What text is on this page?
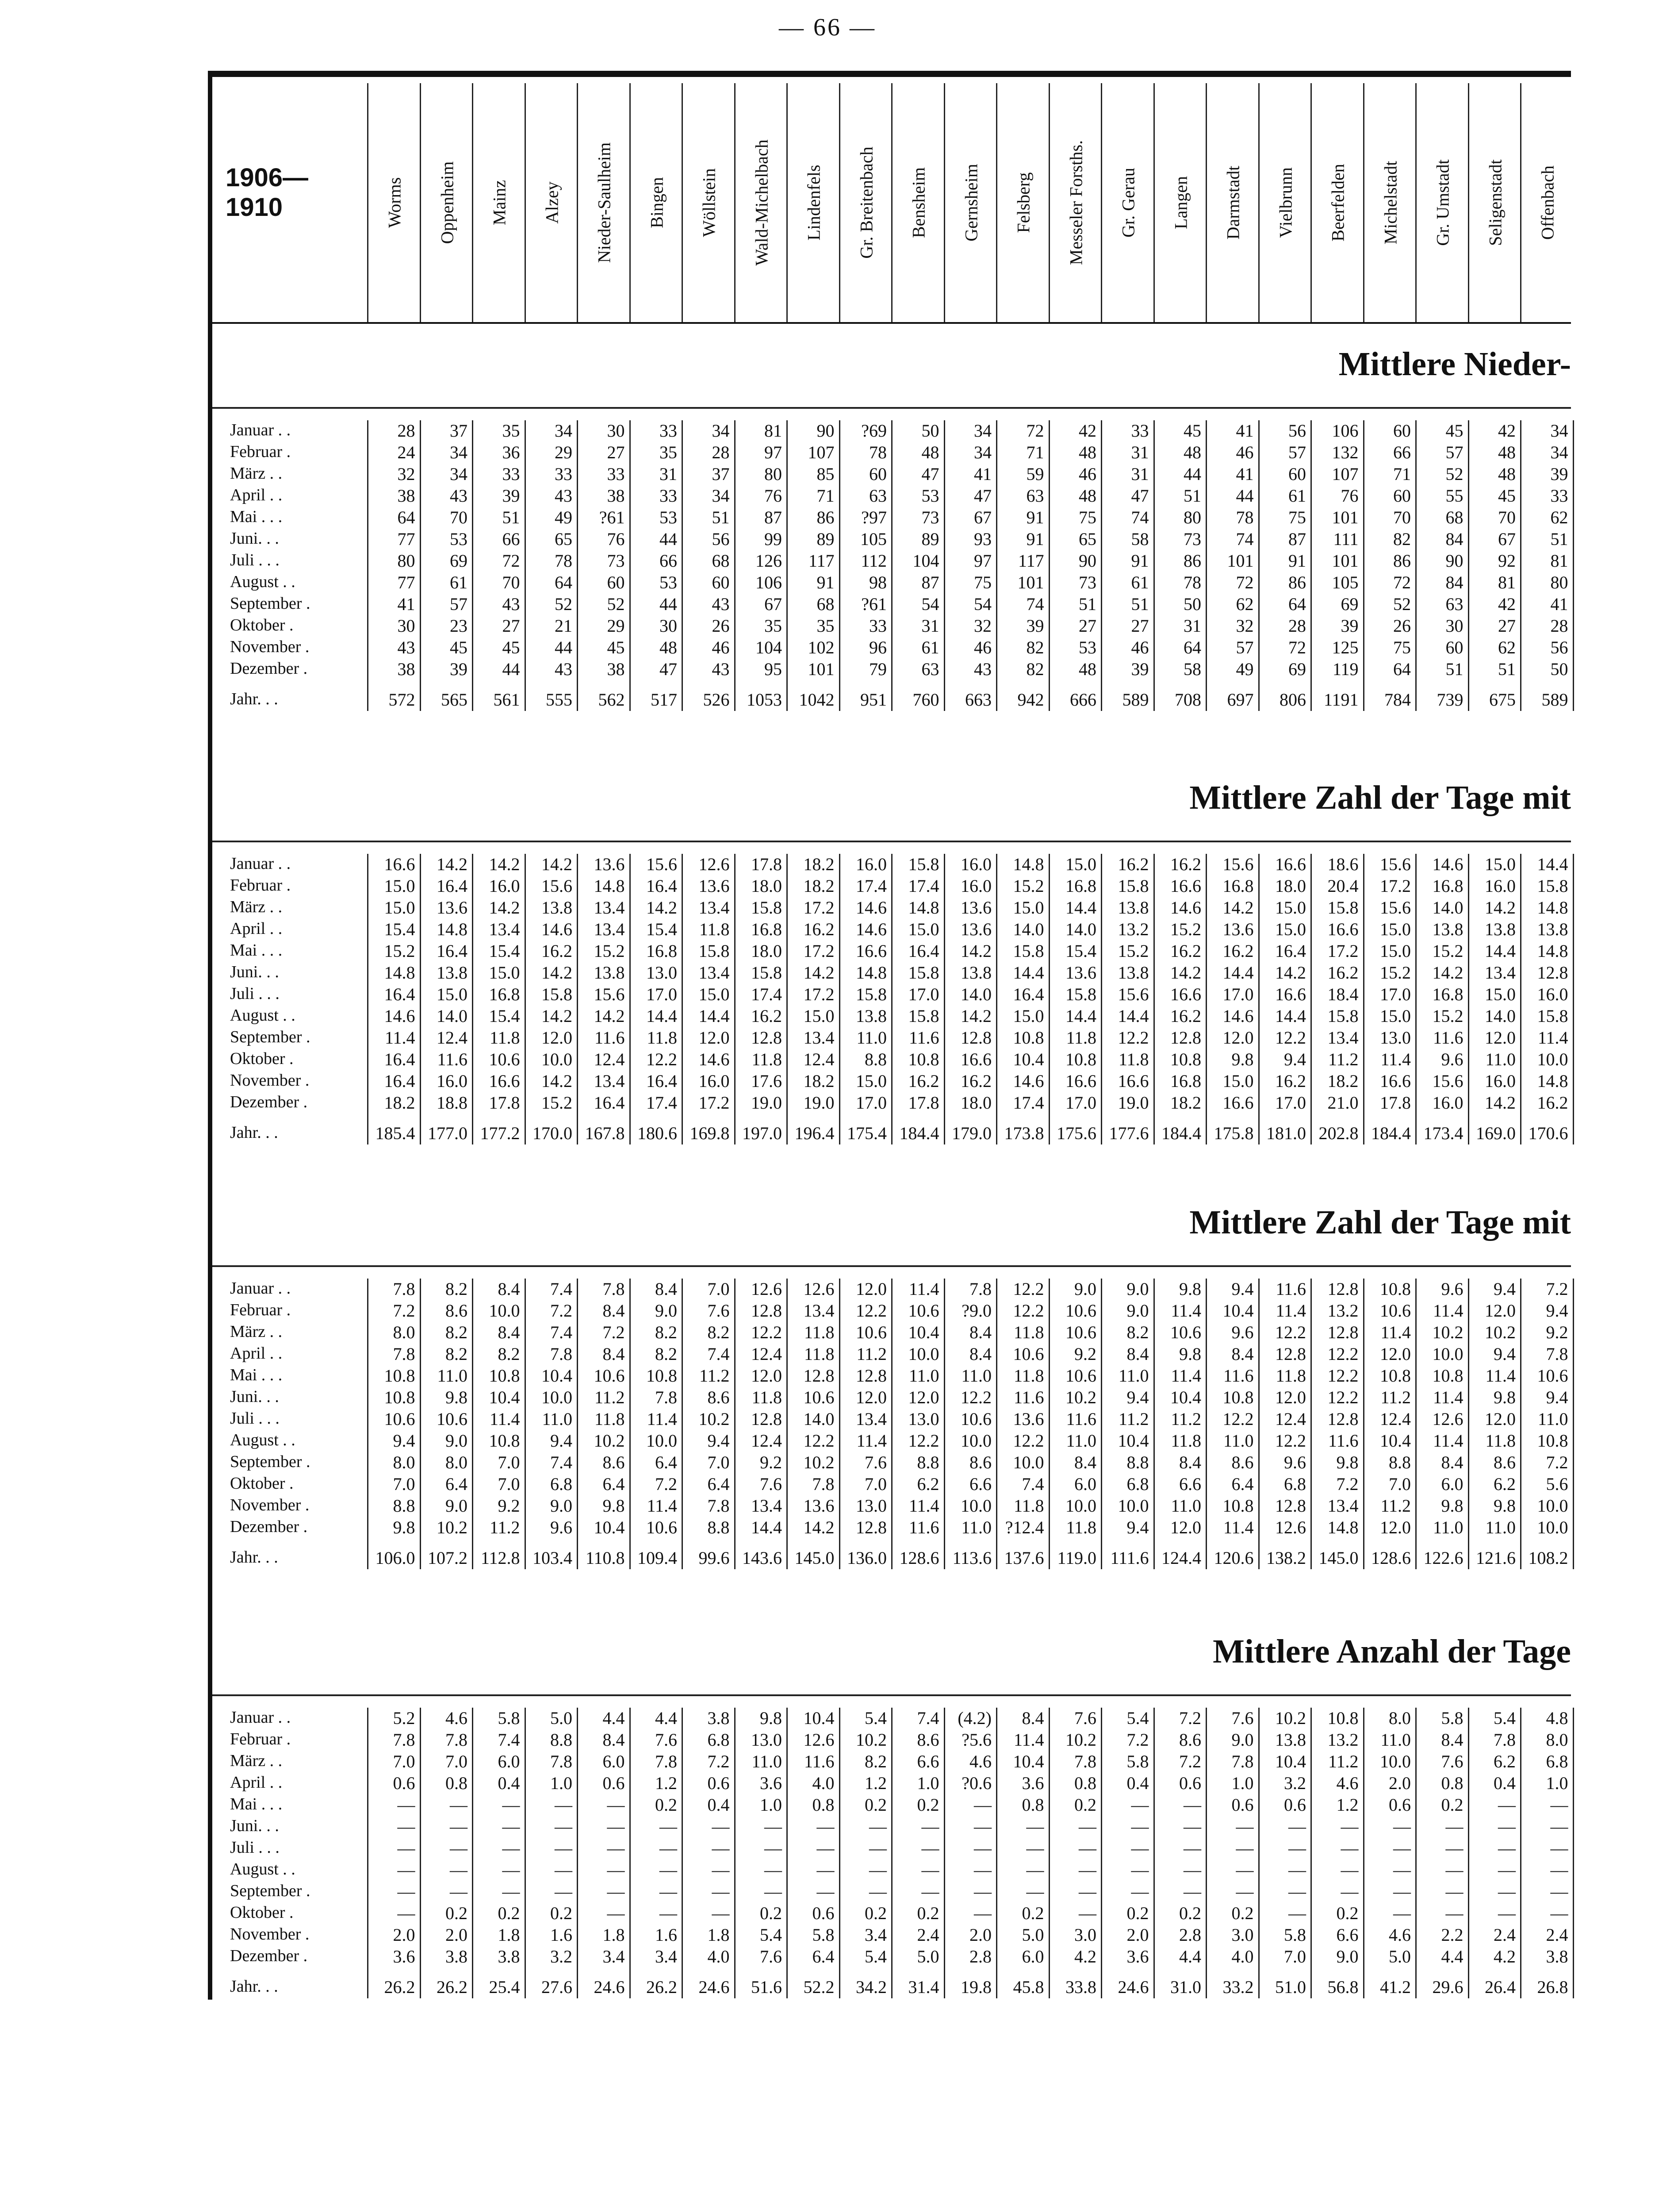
— 66 —
1906—1910	Worms Oppenheim Mainz Alzey Nieder-Saulheim Bingen Wöllstein Wald-Michelbach Lindenfels Gr. Breitenbach Bensheim Gernsheim Felsberg Messeler Forsths. Gr. Gerau Langen Darmstadt Vielbrunn Beerfelden Michelstadt Gr. Umstadt Seligenstadt Offenbach
Mittlere Nieder-
Januar . .	28	37	35	34	30	33	34	81	90	?69	50	34	72	42	33	45	41	56	106	60	45	42	34
Februar .	24	34	36	29	27	35	28	97	107	78	48	34	71	48	31	48	46	57	132	66	57	48	34
März . .	32	34	33	33	33	31	37	80	85	60	47	41	59	46	31	44	41	60	107	71	52	48	39
April . .	38	43	39	43	38	33	34	76	71	63	53	47	63	48	47	51	44	61	76	60	55	45	33
Mai . . .	64	70	51	49	?61	53	51	87	86	?97	73	67	91	75	74	80	78	75	101	70	68	70	62
Juni. . .	77	53	66	65	76	44	56	99	89	105	89	93	91	65	58	73	74	87	111	82	84	67	51
Juli . . .	80	69	72	78	73	66	68	126	117	112	104	97	117	90	91	86	101	91	101	86	90	92	81
August . .	77	61	70	64	60	53	60	106	91	98	87	75	101	73	61	78	72	86	105	72	84	81	80
September .	41	57	43	52	52	44	43	67	68	?61	54	54	74	51	51	50	62	64	69	52	63	42	41
Oktober .	30	23	27	21	29	30	26	35	35	33	31	32	39	27	27	31	32	28	39	26	30	27	28
November .	43	45	45	44	45	48	46	104	102	96	61	46	82	53	46	64	57	72	125	75	60	62	56
Dezember .	38	39	44	43	38	47	43	95	101	79	63	43	82	48	39	58	49	69	119	64	51	51	50
Jahr. . .	572	565	561	555	562	517	526 1053 1042	951	760	663	942	666	589	708	697	806 1191	784	739	675	589
Mittlere Zahl der Tage mit
Januar . .	16.6	14.2	14.2	14.2	13.6	15.6	12.6	17.8	18.2	16.0	15.8	16.0	14.8	15.0	16.2	16.2	15.6	16.6	18.6	15.6	14.6	15.0	14.4
Februar .	15.0	16.4	16.0	15.6	14.8	16.4	13.6	18.0	18.2	17.4	17.4	16.0	15.2	16.8	15.8	16.6	16.8	18.0	20.4	17.2	16.8	16.0	15.8
März . .	15.0	13.6	14.2	13.8	13.4	14.2	13.4	15.8	17.2	14.6	14.8	13.6	15.0	14.4	13.8	14.6	14.2	15.0	15.8	15.6	14.0	14.2	14.8
April . .	15.4	14.8	13.4	14.6	13.4	15.4	11.8	16.8	16.2	14.6	15.0	13.6	14.0	14.0	13.2	15.2	13.6	15.0	16.6	15.0	13.8	13.8	13.8
Mai . . .	15.2	16.4	15.4	16.2	15.2	16.8	15.8	18.0	17.2	16.6	16.4	14.2	15.8	15.4	15.2	16.2	16.2	16.4	17.2	15.0	15.2	14.4	14.8
Juni. . .	14.8	13.8	15.0	14.2	13.8	13.0	13.4	15.8	14.2	14.8	15.8	13.8	14.4	13.6	13.8	14.2	14.4	14.2	16.2	15.2	14.2	13.4	12.8
Juli . . .	16.4	15.0	16.8	15.8	15.6	17.0	15.0	17.4	17.2	15.8	17.0	14.0	16.4	15.8	15.6	16.6	17.0	16.6	18.4	17.0	16.8	15.0	16.0
August . .	14.6	14.0	15.4	14.2	14.2	14.4	14.4	16.2	15.0	13.8	15.8	14.2	15.0	14.4	14.4	16.2	14.6	14.4	15.8	15.0	15.2	14.0	15.8
September .	11.4	12.4	11.8	12.0	11.6	11.8	12.0	12.8	13.4	11.0	11.6	12.8	10.8	11.8	12.2	12.8	12.0	12.2	13.4	13.0	11.6	12.0	11.4
Oktober .	16.4	11.6	10.6	10.0	12.4	12.2	14.6	11.8	12.4	8.8	10.8	16.6	10.4	10.8	11.8	10.8	9.8	9.4	11.2	11.4	9.6	11.0	10.0
November .	16.4	16.0	16.6	14.2	13.4	16.4	16.0	17.6	18.2	15.0	16.2	16.2	14.6	16.6	16.6	16.8	15.0	16.2	18.2	16.6	15.6	16.0	14.8
Dezember .	18.2	18.8	17.8	15.2	16.4	17.4	17.2	19.0	19.0	17.0	17.8	18.0	17.4	17.0	19.0	18.2	16.6	17.0	21.0	17.8	16.0	14.2	16.2
Jahr. . .	185.4 177.0 177.2 170.0 167.8 180.6 169.8 197.0 196.4 175.4 184.4 179.0 173.8 175.6 177.6 184.4 175.8 181.0 202.8 184.4 173.4 169.0 170.6
Mittlere Zahl der Tage mit
Januar . .	7.8	8.2	8.4	7.4	7.8	8.4	7.0	12.6	12.6	12.0	11.4	7.8	12.2	9.0	9.0	9.8	9.4	11.6	12.8	10.8	9.6	9.4	7.2
Februar .	7.2	8.6	10.0	7.2	8.4	9.0	7.6	12.8	13.4	12.2	10.6	?9.0	12.2	10.6	9.0	11.4	10.4	11.4	13.2	10.6	11.4	12.0	9.4
März . .	8.0	8.2	8.4	7.4	7.2	8.2	8.2	12.2	11.8	10.6	10.4	8.4	11.8	10.6	8.2	10.6	9.6	12.2	12.8	11.4	10.2	10.2	9.2
April . .	7.8	8.2	8.2	7.8	8.4	8.2	7.4	12.4	11.8	11.2	10.0	8.4	10.6	9.2	8.4	9.8	8.4	12.8	12.2	12.0	10.0	9.4	7.8
Mai . . .	10.8	11.0	10.8	10.4	10.6	10.8	11.2	12.0	12.8	12.8	11.0	11.0	11.8	10.6	11.0	11.4	11.6	11.8	12.2	10.8	10.8	11.4	10.6
Juni. . .	10.8	9.8	10.4	10.0	11.2	7.8	8.6	11.8	10.6	12.0	12.0	12.2	11.6	10.2	9.4	10.4	10.8	12.0	12.2	11.2	11.4	9.8	9.4
Juli . . .	10.6	10.6	11.4	11.0	11.8	11.4	10.2	12.8	14.0	13.4	13.0	10.6	13.6	11.6	11.2	11.2	12.2	12.4	12.8	12.4	12.6	12.0	11.0
August . .	9.4	9.0	10.8	9.4	10.2	10.0	9.4	12.4	12.2	11.4	12.2	10.0	12.2	11.0	10.4	11.8	11.0	12.2	11.6	10.4	11.4	11.8	10.8
September .	8.0	8.0	7.0	7.4	8.6	6.4	7.0	9.2	10.2	7.6	8.8	8.6	10.0	8.4	8.8	8.4	8.6	9.6	9.8	8.8	8.4	8.6	7.2
Oktober .	7.0	6.4	7.0	6.8	6.4	7.2	6.4	7.6	7.8	7.0	6.2	6.6	7.4	6.0	6.8	6.6	6.4	6.8	7.2	7.0	6.0	6.2	5.6
November .	8.8	9.0	9.2	9.0	9.8	11.4	7.8	13.4	13.6	13.0	11.4	10.0	11.8	10.0	10.0	11.0	10.8	12.8	13.4	11.2	9.8	9.8	10.0
Dezember .	9.8	10.2	11.2	9.6	10.4	10.6	8.8	14.4	14.2	12.8	11.6	11.0 ?12.4	11.8	9.4	12.0	11.4	12.6	14.8	12.0	11.0	11.0	10.0
Jahr. . .	106.0 107.2 112.8 103.4 110.8 109.4	99.6 143.6 145.0 136.0 128.6 113.6 137.6 119.0 111.6 124.4 120.6 138.2 145.0 128.6 122.6 121.6 108.2
Mittlere Anzahl der Tage
Januar . .	5.2	4.6	5.8	5.0	4.4	4.4	3.8	9.8	10.4	5.4	7.4	(4.2)	8.4	7.6	5.4	7.2	7.6	10.2	10.8	8.0	5.8	5.4	4.8
Februar .	7.8	7.8	7.4	8.8	8.4	7.6	6.8	13.0	12.6	10.2	8.6	?5.6	11.4	10.2	7.2	8.6	9.0	13.8	13.2	11.0	8.4	7.8	8.0
März . .	7.0	7.0	6.0	7.8	6.0	7.8	7.2	11.0	11.6	8.2	6.6	4.6	10.4	7.8	5.8	7.2	7.8	10.4	11.2	10.0	7.6	6.2	6.8
April . .	0.6	0.8	0.4	1.0	0.6	1.2	0.6	3.6	4.0	1.2	1.0	?0.6	3.6	0.8	0.4	0.6	1.0	3.2	4.6	2.0	0.8	0.4	1.0
Mai . . .	—	—	—	—	—	0.2	0.4	1.0	0.8	0.2	0.2	—	0.8	0.2	—	—	0.6	0.6	1.2	0.6	0.2	—	—
Juni. . .	—	—	—	—	—	—	—	—	—	—	—	—	—	—	—	—	—	—	—	—	—	—	—
Juli . . .	—	—	—	—	—	—	—	—	—	—	—	—	—	—	—	—	—	—	—	—	—	—	—
August . .	—	—	—	—	—	—	—	—	—	—	—	—	—	—	—	—	—	—	—	—	—	—	—
September .	—	—	—	—	—	—	—	—	—	—	—	—	—	—	—	—	—	—	—	—	—	—	—
Oktober .	—	0.2	0.2	0.2	—	—	—	0.2	0.6	0.2	0.2	—	0.2	—	0.2	0.2	0.2	—	0.2	—	—	—	—
November .	2.0	2.0	1.8	1.6	1.8	1.6	1.8	5.4	5.8	3.4	2.4	2.0	5.0	3.0	2.0	2.8	3.0	5.8	6.6	4.6	2.2	2.4	2.4
Dezember .	3.6	3.8	3.8	3.2	3.4	3.4	4.0	7.6	6.4	5.4	5.0	2.8	6.0	4.2	3.6	4.4	4.0	7.0	9.0	5.0	4.4	4.2	3.8
Jahr. . .	26.2	26.2	25.4	27.6	24.6	26.2	24.6	51.6	52.2	34.2	31.4	19.8	45.8	33.8	24.6	31.0	33.2	51.0	56.8	41.2	29.6	26.4	26.8
